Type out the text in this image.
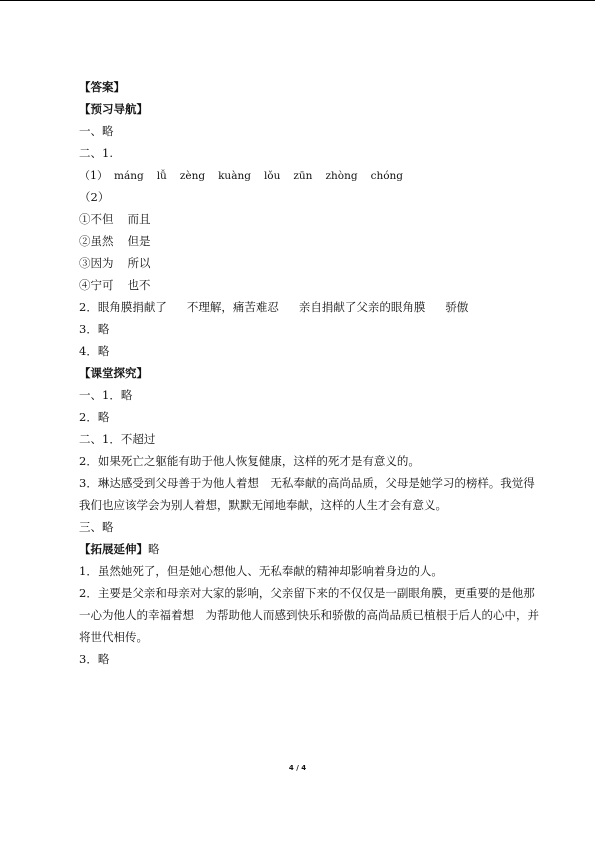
【答案】
【预习导航】
一、略
二、1.
（1） máng lǚ zèng kuàng lǒu zūn zhòng chóng
（2）
①不但 而且
②虽然 但是
③因为 所以
④宁可 也不
2．眼角膜捐献了 不理解，痛苦难忍 亲自捐献了父亲的眼角膜 骄傲
3．略
4．略
【课堂探究】
一、1．略
2．略
二、1．不超过
2．如果死亡之躯能有助于他人恢复健康，这样的死才是有意义的。
3．琳达感受到父母善于为他人着想　无私奉献的高尚品质，父母是她学习的榜样。我觉得我们也应该学会为别人着想，默默无闻地奉献，这样的人生才会有意义。
三、略
【拓展延伸】略
1．虽然她死了，但是她心想他人、无私奉献的精神却影响着身边的人。
2．主要是父亲和母亲对大家的影响，父亲留下来的不仅仅是一副眼角膜，更重要的是他那一心为他人的幸福着想　为帮助他人而感到快乐和骄傲的高尚品质已植根于后人的心中，并将世代相传。
3．略
4 / 4
